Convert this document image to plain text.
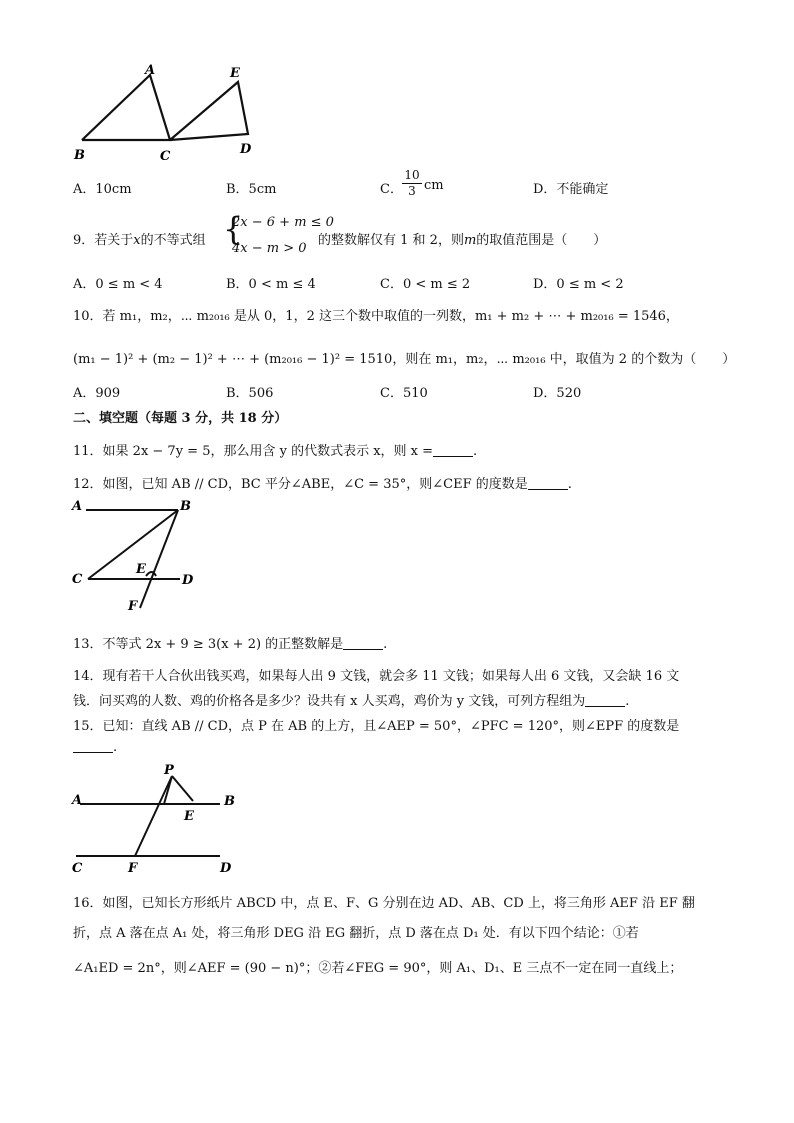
A
B	C	D
E
A．10cm	B．5cm	C． $\frac{10}{3}$ cm	D．不能确定
9．若关于x的不等式组 {
2x − 6 + m ≤ 0
4x − m > 0
的整数解仅有 1 和 2，则m的取值范围是（　　）
A．0 ≤ m < 4	B．0 < m ≤ 4	C．0 < m ≤ 2	D．0 ≤ m < 2
10．若 m₁，m₂，⋯ m₂₀₁₆ 是从 0，1，2 这三个数中取值的一列数，m₁ + m₂ + ⋯ + m₂₀₁₆ = 1546，
(m₁ − 1)² + (m₂ − 1)² + ⋯ + (m₂₀₁₆ − 1)² = 1510，则在 m₁，m₂，⋯ m₂₀₁₆ 中，取值为 2 的个数为（　　）
A．909	B．506	C．510	D．520
二、填空题（每题 3 分，共 18 分）
11．如果 2x − 7y = 5，那么用含 y 的代数式表示 x，则 x =	.
12．如图，已知 AB // CD，BC 平分∠ABE，∠C = 35°，则∠CEF 的度数是	.
A	B
C	D
E
F
13．不等式 2x + 9 ≥ 3(x + 2) 的正整数解是	.
14．现有若干人合伙出钱买鸡，如果每人出 9 文钱，就会多 11 文钱；如果每人出 6 文钱，又会缺 16 文
钱．问买鸡的人数、鸡的价格各是多少？设共有 x 人买鸡，鸡价为 y 文钱，可列方程组为	.
15．已知：直线 AB // CD，点 P 在 AB 的上方，且∠AEP = 50°，∠PFC = 120°，则∠EPF 的度数是
.
P
A	B
E
C	F	D
16．如图，已知长方形纸片 ABCD 中，点 E、F、G 分别在边 AD、AB、CD 上，将三角形 AEF 沿 EF 翻
折，点 A 落在点 A₁ 处，将三角形 DEG 沿 EG 翻折，点 D 落在点 D₁ 处．有以下四个结论：①若
∠A₁ED = 2n°，则∠AEF = (90 − n)°；②若∠FEG = 90°，则 A₁、D₁、E 三点不一定在同一直线上；
